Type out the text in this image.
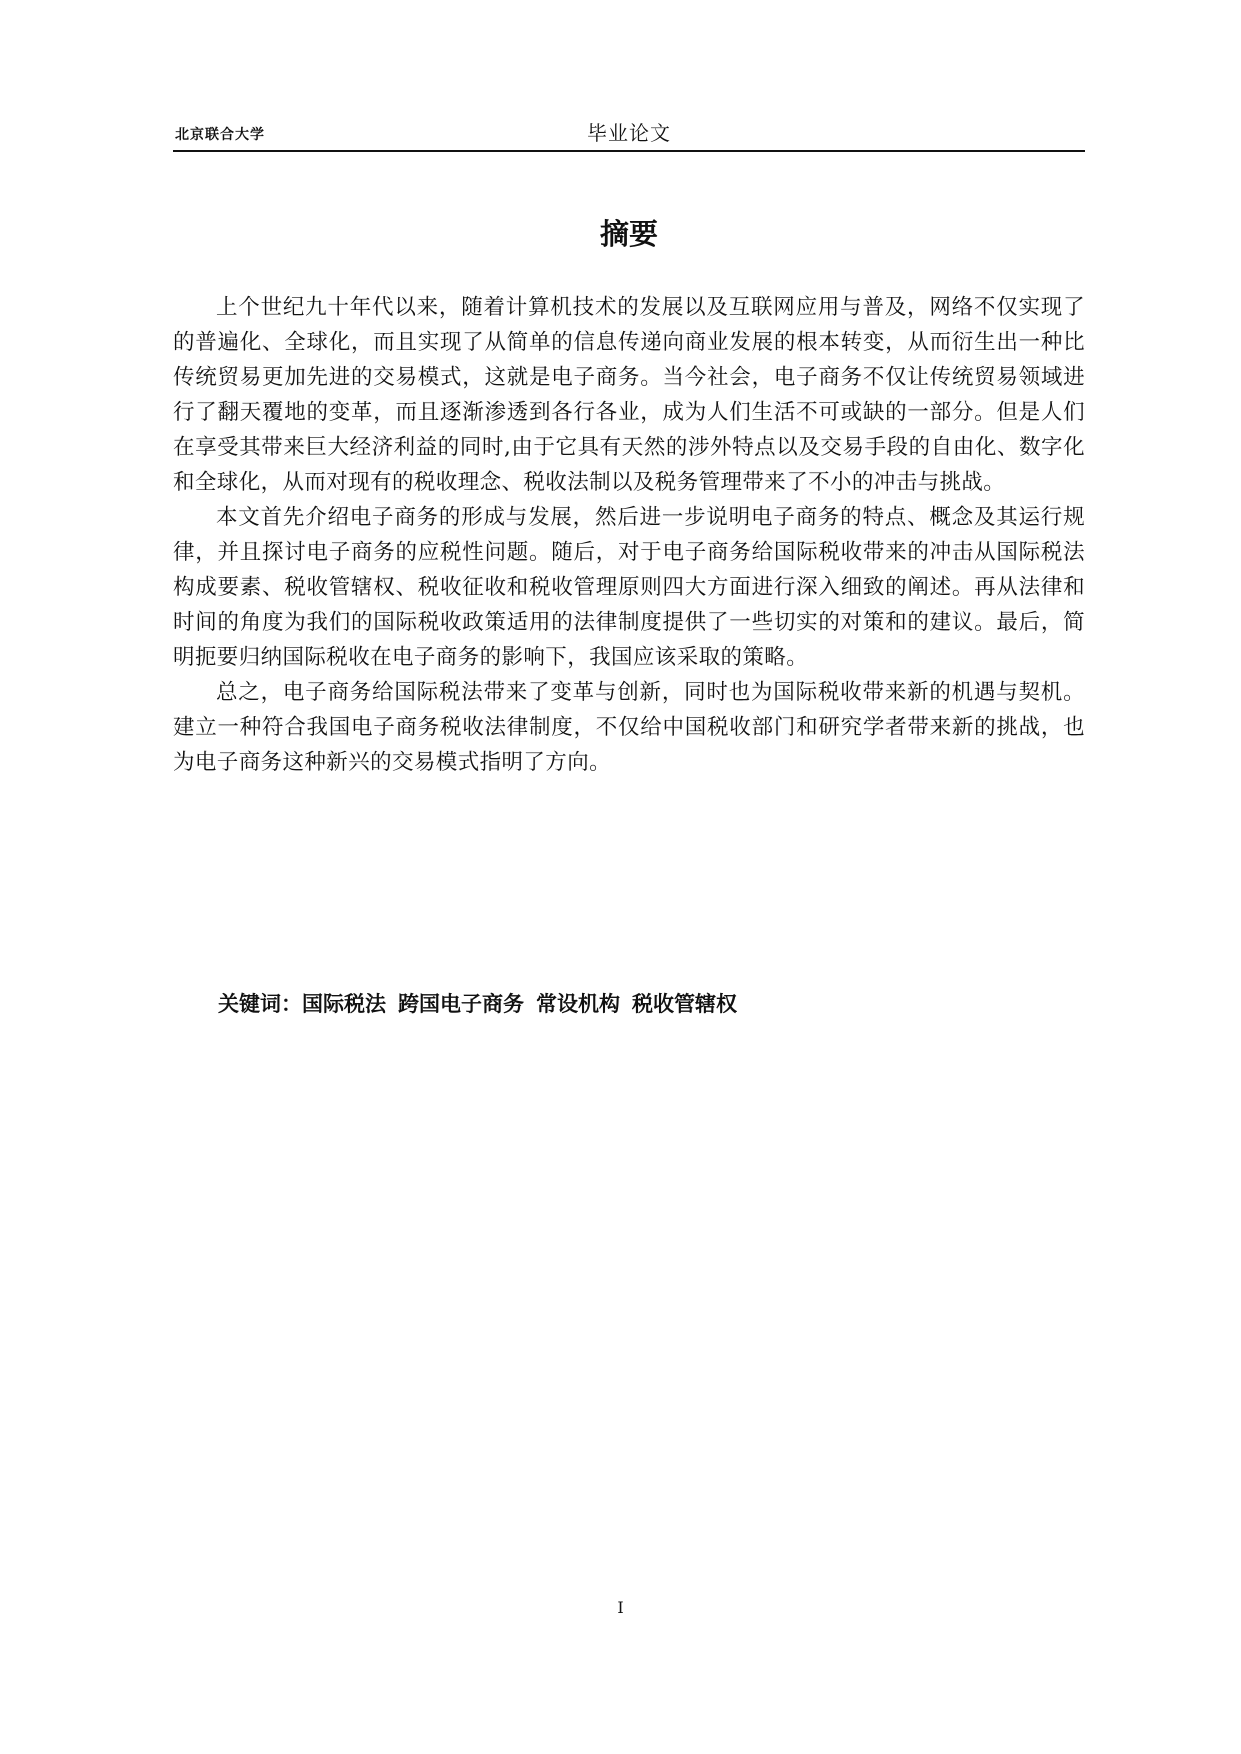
北京联合大学	毕业论文
摘要

上个世纪九十年代以来，随着计算机技术的发展以及互联网应用与普及，网络不仅实现了的普遍化、全球化，而且实现了从简单的信息传递向商业发展的根本转变，从而衍生出一种比传统贸易更加先进的交易模式，这就是电子商务。当今社会，电子商务不仅让传统贸易领域进行了翻天覆地的变革，而且逐渐渗透到各行各业，成为人们生活不可或缺的一部分。但是人们在享受其带来巨大经济利益的同时,由于它具有天然的涉外特点以及交易手段的自由化、数字化和全球化，从而对现有的税收理念、税收法制以及税务管理带来了不小的冲击与挑战。

本文首先介绍电子商务的形成与发展，然后进一步说明电子商务的特点、概念及其运行规律，并且探讨电子商务的应税性问题。随后，对于电子商务给国际税收带来的冲击从国际税法构成要素、税收管辖权、税收征收和税收管理原则四大方面进行深入细致的阐述。再从法律和时间的角度为我们的国际税收政策适用的法律制度提供了一些切实的对策和的建议。最后，简明扼要归纳国际税收在电子商务的影响下，我国应该采取的策略。

总之，电子商务给国际税法带来了变革与创新，同时也为国际税收带来新的机遇与契机。建立一种符合我国电子商务税收法律制度，不仅给中国税收部门和研究学者带来新的挑战，也为电子商务这种新兴的交易模式指明了方向。

关键词：国际税法 跨国电子商务 常设机构 税收管辖权
I
